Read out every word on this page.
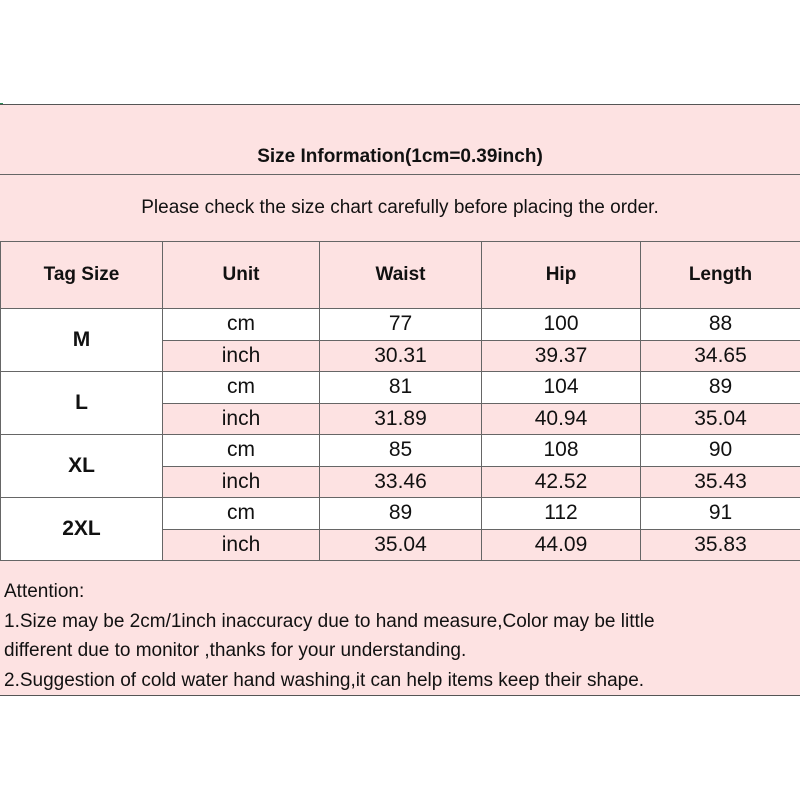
Size Information(1cm=0.39inch)
Please check the size chart carefully before placing the order.
Tag Size	Unit	Waist	Hip	Length
M	cm	77	100	88
	inch	30.31	39.37	34.65
L	cm	81	104	89
	inch	31.89	40.94	35.04
XL	cm	85	108	90
	inch	33.46	42.52	35.43
2XL	cm	89	112	91
	inch	35.04	44.09	35.83
Attention:
1.Size may be 2cm/1inch inaccuracy due to hand measure,Color may be little
different due to monitor ,thanks for your understanding.
2.Suggestion of cold water hand washing,it can help items keep their shape.
